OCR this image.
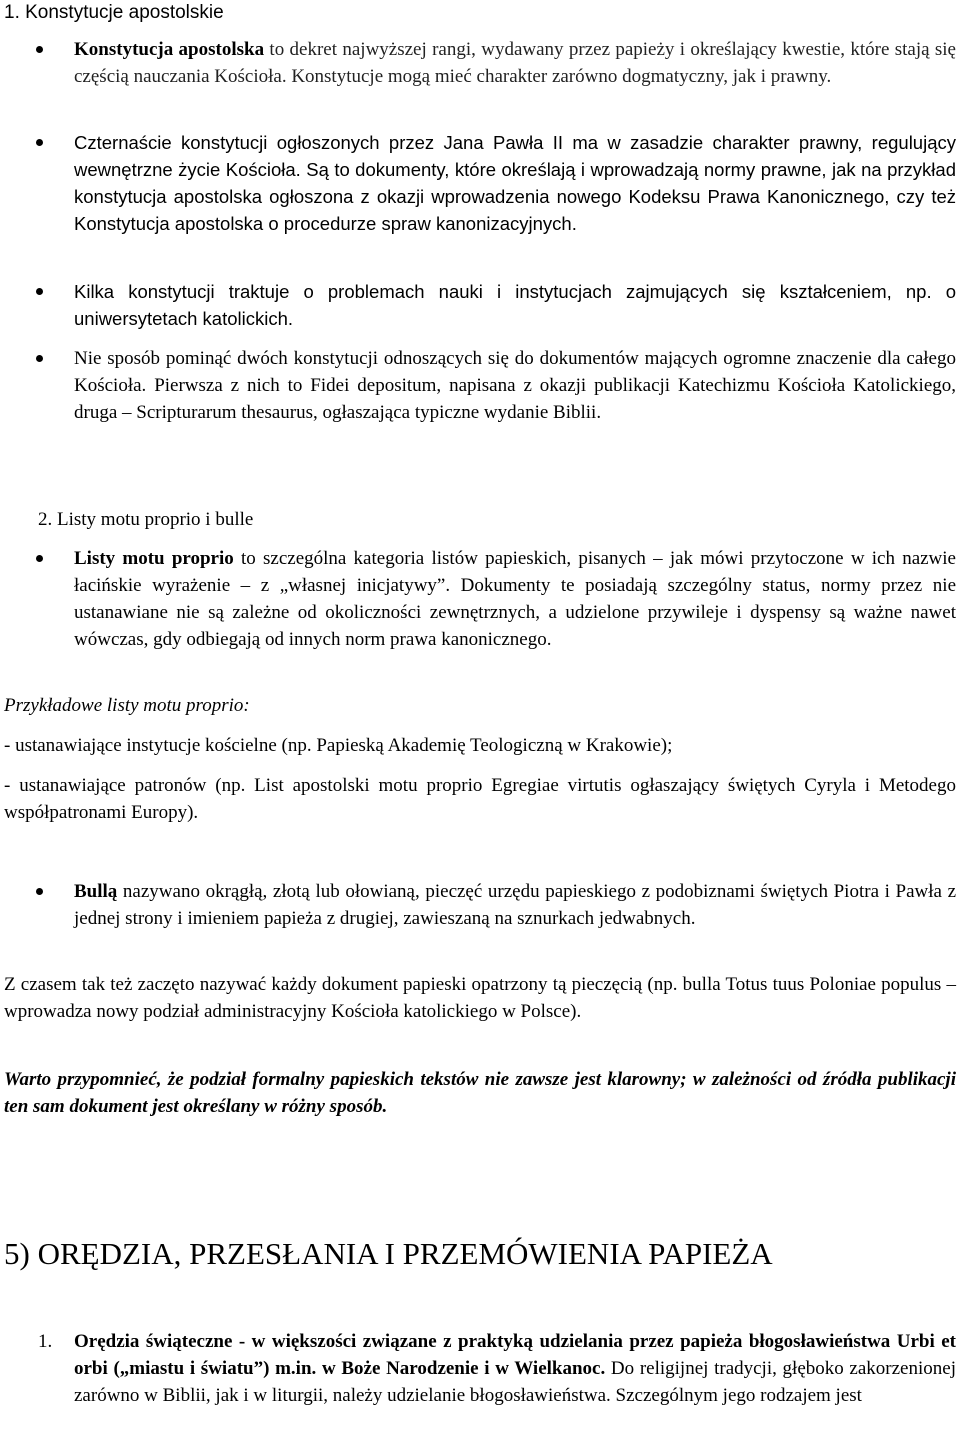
1. Konstytucje apostolskie
Konstytucja apostolska to dekret najwyższej rangi, wydawany przez papieży i określający kwestie, które stają się częścią nauczania Kościoła. Konstytucje mogą mieć charakter zarówno dogmatyczny, jak i prawny.
Czternaście konstytucji ogłoszonych przez Jana Pawła II ma w zasadzie charakter prawny, regulujący wewnętrzne życie Kościoła. Są to dokumenty, które określają i wprowadzają normy prawne, jak na przykład konstytucja apostolska ogłoszona z okazji wprowadzenia nowego Kodeksu Prawa Kanonicznego, czy też Konstytucja apostolska o procedurze spraw kanonizacyjnych.
Kilka konstytucji traktuje o problemach nauki i instytucjach zajmujących się kształceniem, np. o uniwersytetach katolickich.
Nie sposób pominąć dwóch konstytucji odnoszących się do dokumentów mających ogromne znaczenie dla całego Kościoła. Pierwsza z nich to Fidei depositum, napisana z okazji publikacji Katechizmu Kościoła Katolickiego, druga – Scripturarum thesaurus, ogłaszająca typiczne wydanie Biblii.
2. Listy motu proprio i bulle
Listy motu proprio to szczególna kategoria listów papieskich, pisanych – jak mówi przytoczone w ich nazwie łacińskie wyrażenie – z „własnej inicjatywy”. Dokumenty te posiadają szczególny status, normy przez nie ustanawiane nie są zależne od okoliczności zewnętrznych, a udzielone przywileje i dyspensy są ważne nawet wówczas, gdy odbiegają od innych norm prawa kanonicznego.

Przykładowe listy motu proprio:

- ustanawiające instytucje kościelne (np. Papieską Akademię Teologiczną w Krakowie);

- ustanawiające patronów (np. List apostolski motu proprio Egregiae virtutis ogłaszający świętych Cyryla i Metodego współpatronami Europy).

Bullą nazywano okrągłą, złotą lub ołowianą, pieczęć urzędu papieskiego z podobiznami świętych Piotra i Pawła z jednej strony i imieniem papieża z drugiej, zawieszaną na sznurkach jedwabnych.

Z czasem tak też zaczęto nazywać każdy dokument papieski opatrzony tą pieczęcią (np. bulla Totus tuus Poloniae populus – wprowadza nowy podział administracyjny Kościoła katolickiego w Polsce).

Warto przypomnieć, że podział formalny papieskich tekstów nie zawsze jest klarowny; w zależności od źródła publikacji ten sam dokument jest określany w różny sposób.

5) ORĘDZIA, PRZESŁANIA I PRZEMÓWIENIA PAPIEŻA
1. Orędzia świąteczne - w większości związane z praktyką udzielania przez papieża błogosławieństwa Urbi et orbi („miastu i światu”) m.in. w Boże Narodzenie i w Wielkanoc. Do religijnej tradycji, głęboko zakorzenionej zarówno w Biblii, jak i w liturgii, należy udzielanie błogosławieństwa. Szczególnym jego rodzajem jest
